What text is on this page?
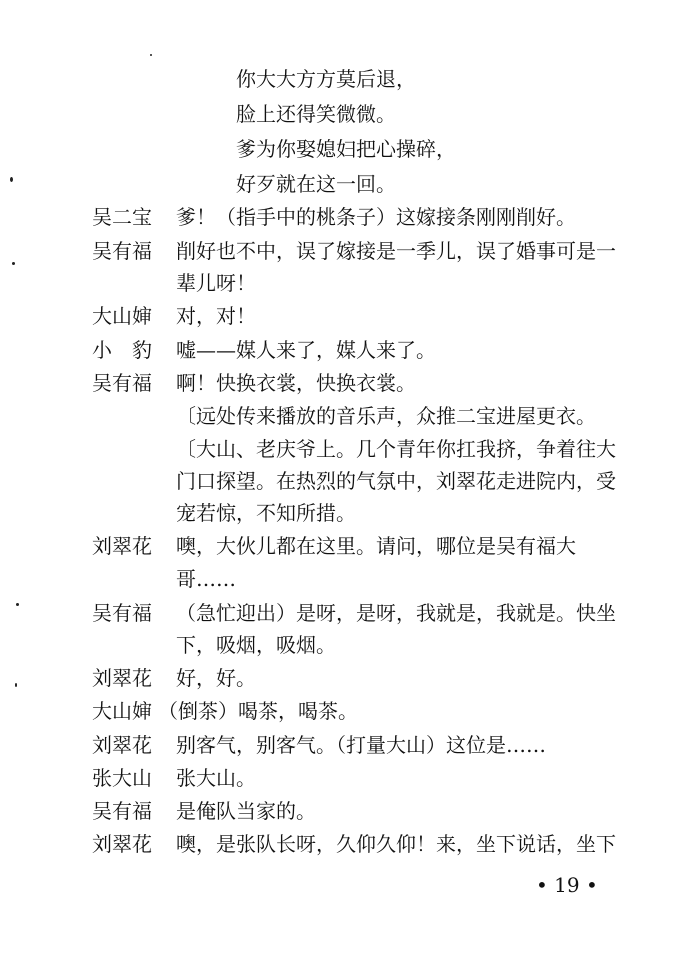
你大大方方莫后退，
脸上还得笑微微。
爹为你娶媳妇把心操碎，
好歹就在这一回。
吴二宝 爹！（指手中的桃条子）这嫁接条刚刚削好。
吴有福 削好也不中，误了嫁接是一季儿，误了婚事可是一
辈儿呀！
大山婶 对，对！
小　豹 嘘——媒人来了，媒人来了。
吴有福 啊！快换衣裳，快换衣裳。
〔远处传来播放的音乐声，众推二宝进屋更衣。
〔大山、老庆爷上。几个青年你扛我挤，争着往大
门口探望。在热烈的气氛中，刘翠花走进院内，受
宠若惊，不知所措。
刘翠花 噢，大伙儿都在这里。请问，哪位是吴有福大
哥……
吴有福 （急忙迎出）是呀，是呀，我就是，我就是。快坐
下，吸烟，吸烟。
刘翠花 好，好。
大山婶 （倒茶）喝茶，喝茶。
刘翠花 别客气，别客气。（打量大山）这位是……
张大山 张大山。
吴有福 是俺队当家的。
刘翠花 噢，是张队长呀，久仰久仰！来，坐下说话，坐下
• 19 •
